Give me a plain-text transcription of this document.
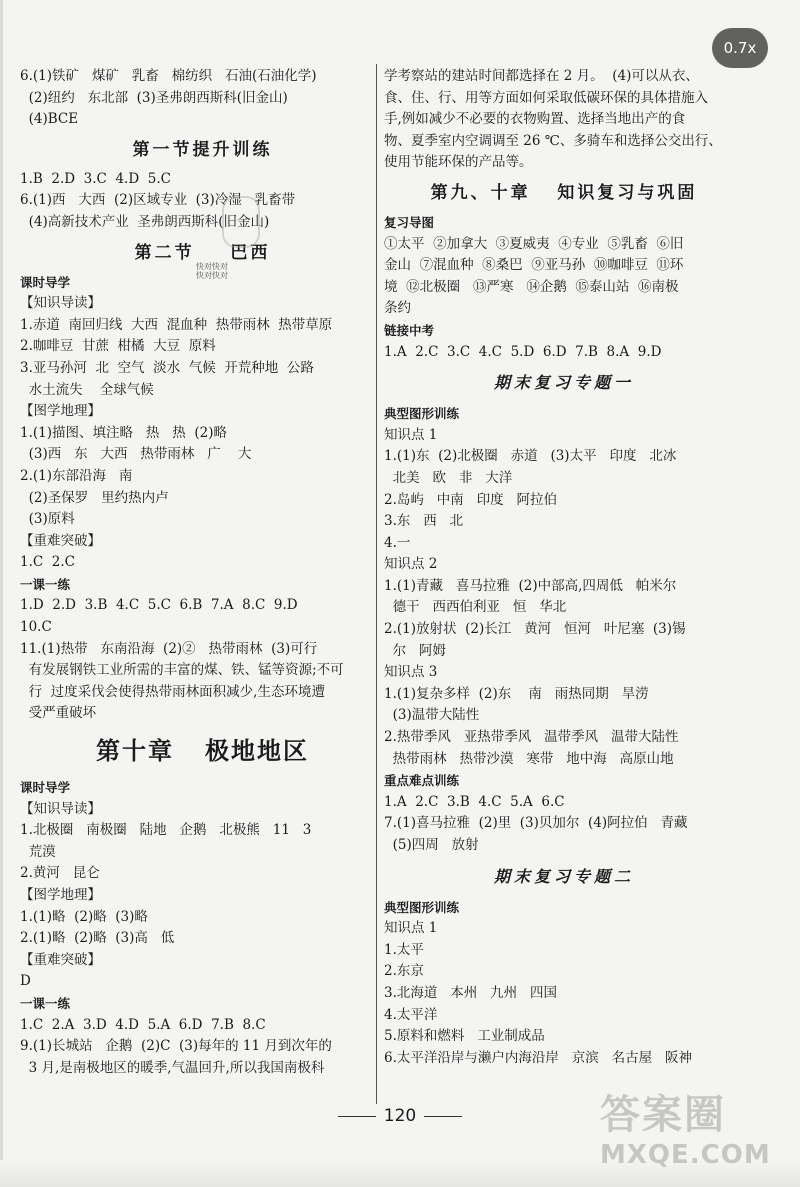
6.(1)铁矿   煤矿   乳畜   棉纺织   石油(石油化学)
(2)纽约   东北部  (3)圣弗朗西斯科(旧金山)
(4)BCE
第一节提升训练
1.B  2.D  3.C  4.D  5.C
6.(1)西   大西  (2)区域专业  (3)冷湿   乳畜带
(4)高新技术产业  圣弗朗西斯科(旧金山)
第二节    巴西
课时导学
【知识导读】
1.赤道  南回归线  大西  混血种  热带雨林  热带草原
2.咖啡豆  甘蔗  柑橘  大豆  原料
3.亚马孙河  北  空气  淡水  气候  开荒种地  公路
水土流失    全球气候
【图学地理】
1.(1)描图、填注略   热   热  (2)略
(3)西   东   大西   热带雨林   广    大
2.(1)东部沿海   南
(2)圣保罗   里约热内卢
(3)原料
【重难突破】
1.C  2.C
一课一练
1.D  2.D  3.B  4.C  5.C  6.B  7.A  8.C  9.D
10.C
11.(1)热带   东南沿海  (2)②   热带雨林  (3)可行
有发展钢铁工业所需的丰富的煤、铁、锰等资源;不可
行  过度采伐会使得热带雨林面积减少,生态环境遭
受严重破坏
第十章   极地地区
课时导学
【知识导读】
1.北极圈   南极圈   陆地   企鹅   北极熊   11   3
荒漠
2.黄河   昆仑
【图学地理】
1.(1)略  (2)略  (3)略
2.(1)略  (2)略  (3)高   低
【重难突破】
D
一课一练
1.C  2.A  3.D  4.D  5.A  6.D  7.B  8.C
9.(1)长城站   企鹅  (2)C  (3)每年的 11 月到次年的
3 月,是南极地区的暖季,气温回升,所以我国南极科
学考察站的建站时间都选择在 2 月。  (4)可以从衣、
食、住、行、用等方面如何采取低碳环保的具体措施入
手,例如减少不必要的衣物购置、选择当地出产的食
物、夏季室内空调调至 26 ℃、多骑车和选择公交出行、
使用节能环保的产品等。
第九、十章   知识复习与巩固
复习导图
①太平  ②加拿大  ③夏威夷  ④专业  ⑤乳畜  ⑥旧
金山  ⑦混血种  ⑧桑巴  ⑨亚马孙  ⑩咖啡豆  ⑪环
境  ⑫北极圈   ⑬严寒   ⑭企鹅  ⑮泰山站  ⑯南极
条约
链接中考
1.A  2.C  3.C  4.C  5.D  6.D  7.B  8.A  9.D
期末复习专题一
典型图形训练
知识点 1
1.(1)东  (2)北极圈   赤道   (3)太平   印度   北冰
北美   欧   非   大洋
2.岛屿   中南   印度   阿拉伯
3.东   西   北
4.一
知识点 2
1.(1)青藏   喜马拉雅  (2)中部高,四周低   帕米尔
德干   西西伯利亚   恒   华北
2.(1)放射状  (2)长江   黄河   恒河   叶尼塞  (3)锡
尔   阿姆
知识点 3
1.(1)复杂多样  (2)东    南   雨热同期   旱涝
(3)温带大陆性
2.热带季风   亚热带季风   温带季风   温带大陆性
热带雨林   热带沙漠   寒带   地中海   高原山地
重点难点训练
1.A  2.C  3.B  4.C  5.A  6.C
7.(1)喜马拉雅  (2)里  (3)贝加尔  (4)阿拉伯   青藏
(5)四周   放射
期末复习专题二
典型图形训练
知识点 1
1.太平
2.东京
3.北海道   本州   九州   四国
4.太平洋
5.原料和燃料   工业制成品
6.太平洋沿岸与濑户内海沿岸   京滨   名古屋   阪神
快对快对
快对快对
120	答案圈
MXQE.COM
0.7x
